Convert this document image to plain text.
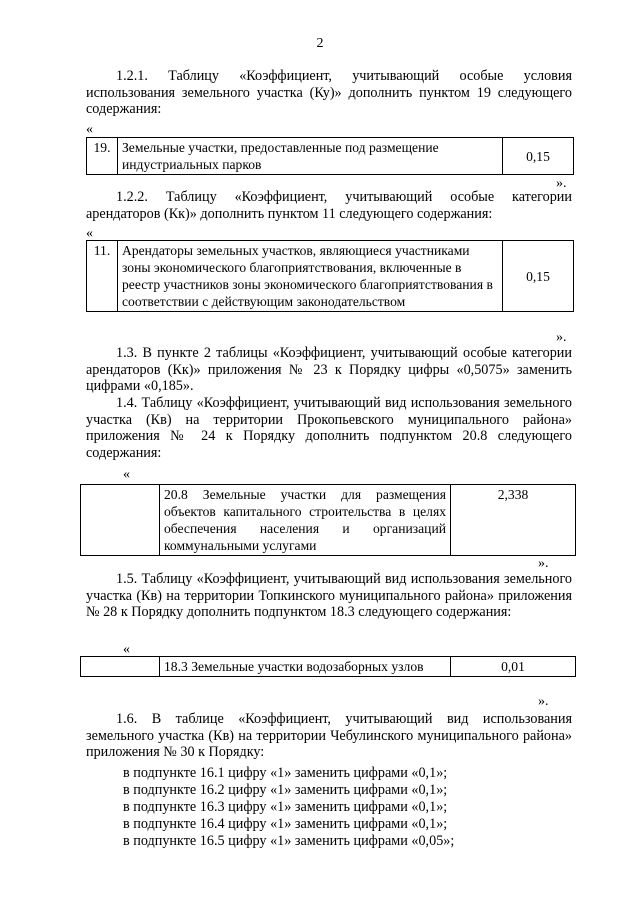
2

1.2.1. Таблицу «Коэффициент, учитывающий особые условия использования земельного участка (Ку)» дополнить пунктом 19 следующего содержания:

«
19.	Земельные участки, предоставленные под размещение индустриальных парков	0,15
».

1.2.2. Таблицу «Коэффициент, учитывающий особые категории арендаторов (Кк)» дополнить пунктом 11 следующего содержания:

«
11.	Арендаторы земельных участков, являющиеся участниками зоны экономического благоприятствования, включенные в реестр участников зоны экономического благоприятствования в соответствии с действующим законодательством	0,15
».

1.3. В пункте 2 таблицы «Коэффициент, учитывающий особые категории арендаторов (Кк)» приложения № 23 к Порядку цифры «0,5075» заменить цифрами «0,185».

1.4. Таблицу «Коэффициент, учитывающий вид использования земельного участка (Кв) на территории Прокопьевского муниципального района» приложения № 24 к Порядку дополнить подпунктом 20.8 следующего содержания:

«
	20.8 Земельные участки для размещения объектов капитального строительства в целях обеспечения населения и организаций коммунальными услугами	2,338
».

1.5. Таблицу «Коэффициент, учитывающий вид использования земельного участка (Кв) на территории Топкинского муниципального района» приложения № 28 к Порядку дополнить подпунктом 18.3 следующего содержания:

«
	18.3 Земельные участки водозаборных узлов	0,01
».

1.6. В таблице «Коэффициент, учитывающий вид использования земельного участка (Кв) на территории Чебулинского муниципального района» приложения № 30 к Порядку:

в подпункте 16.1 цифру «1» заменить цифрами «0,1»;

в подпункте 16.2 цифру «1» заменить цифрами «0,1»;

в подпункте 16.3 цифру «1» заменить цифрами «0,1»;

в подпункте 16.4 цифру «1» заменить цифрами «0,1»;

в подпункте 16.5 цифру «1» заменить цифрами «0,05»;
